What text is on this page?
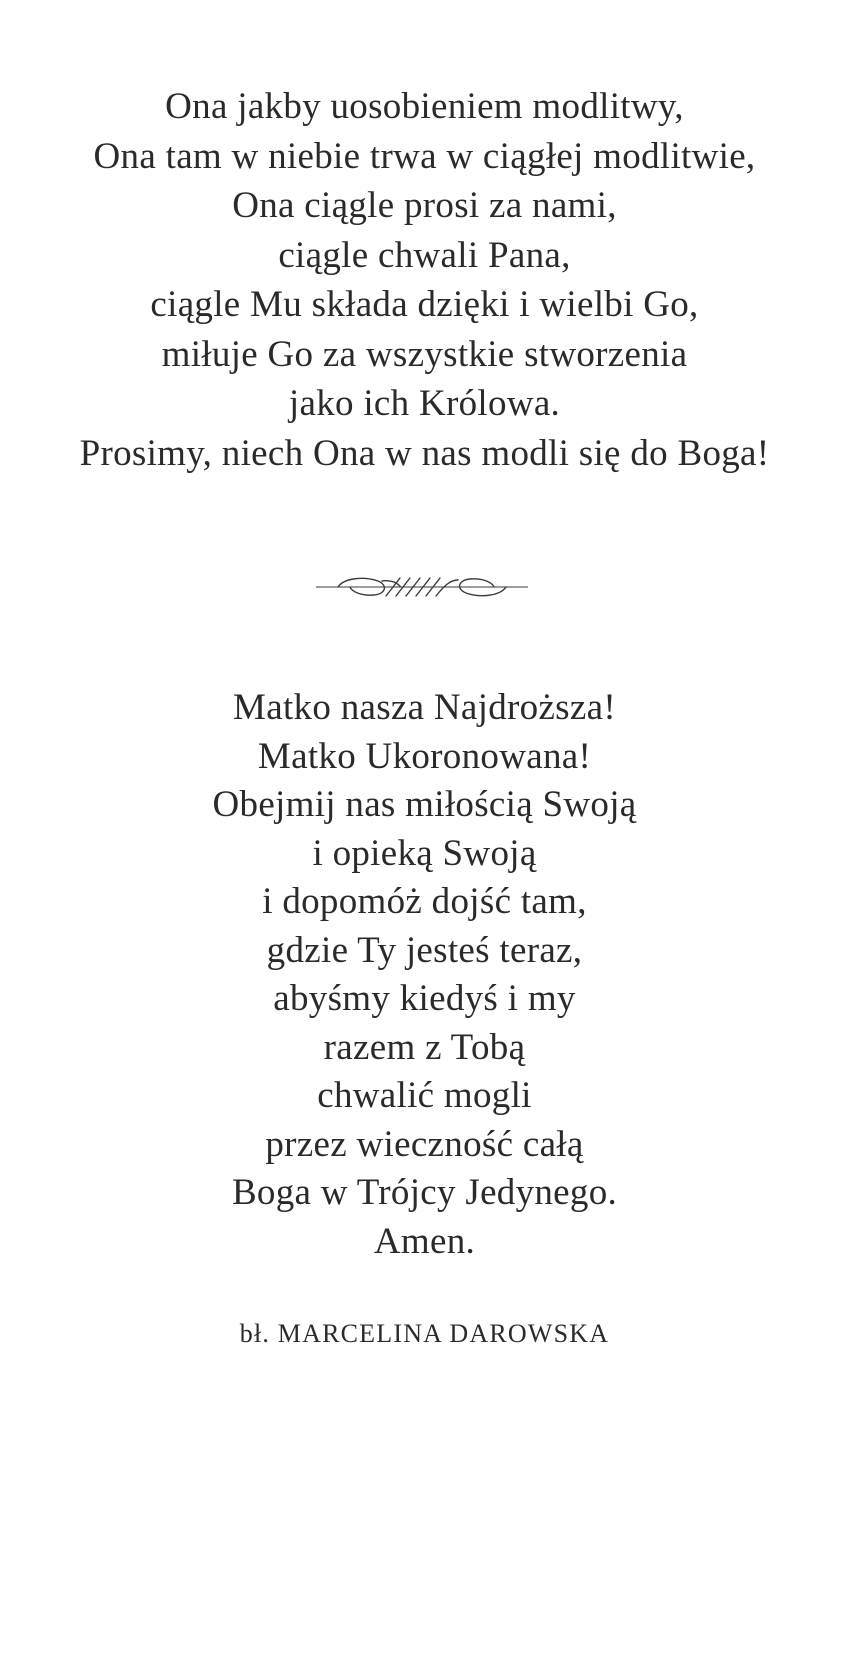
Ona jakby uosobieniem modlitwy,
Ona tam w niebie trwa w ciągłej modlitwie,
Ona ciągle prosi za nami,
ciągle chwali Pana,
ciągle Mu składa dzięki i wielbi Go,
miłuje Go za wszystkie stworzenia
jako ich Królowa.
Prosimy, niech Ona w nas modli się do Boga!
Matko nasza Najdroższa!
Matko Ukoronowana!
Obejmij nas miłością Swoją
i opieką Swoją
i dopomóż dojść tam,
gdzie Ty jesteś teraz,
abyśmy kiedyś i my
razem z Tobą
chwalić mogli
przez wieczność całą
Boga w Trójcy Jedynego.
Amen.
bł. MARCELINA DAROWSKA
